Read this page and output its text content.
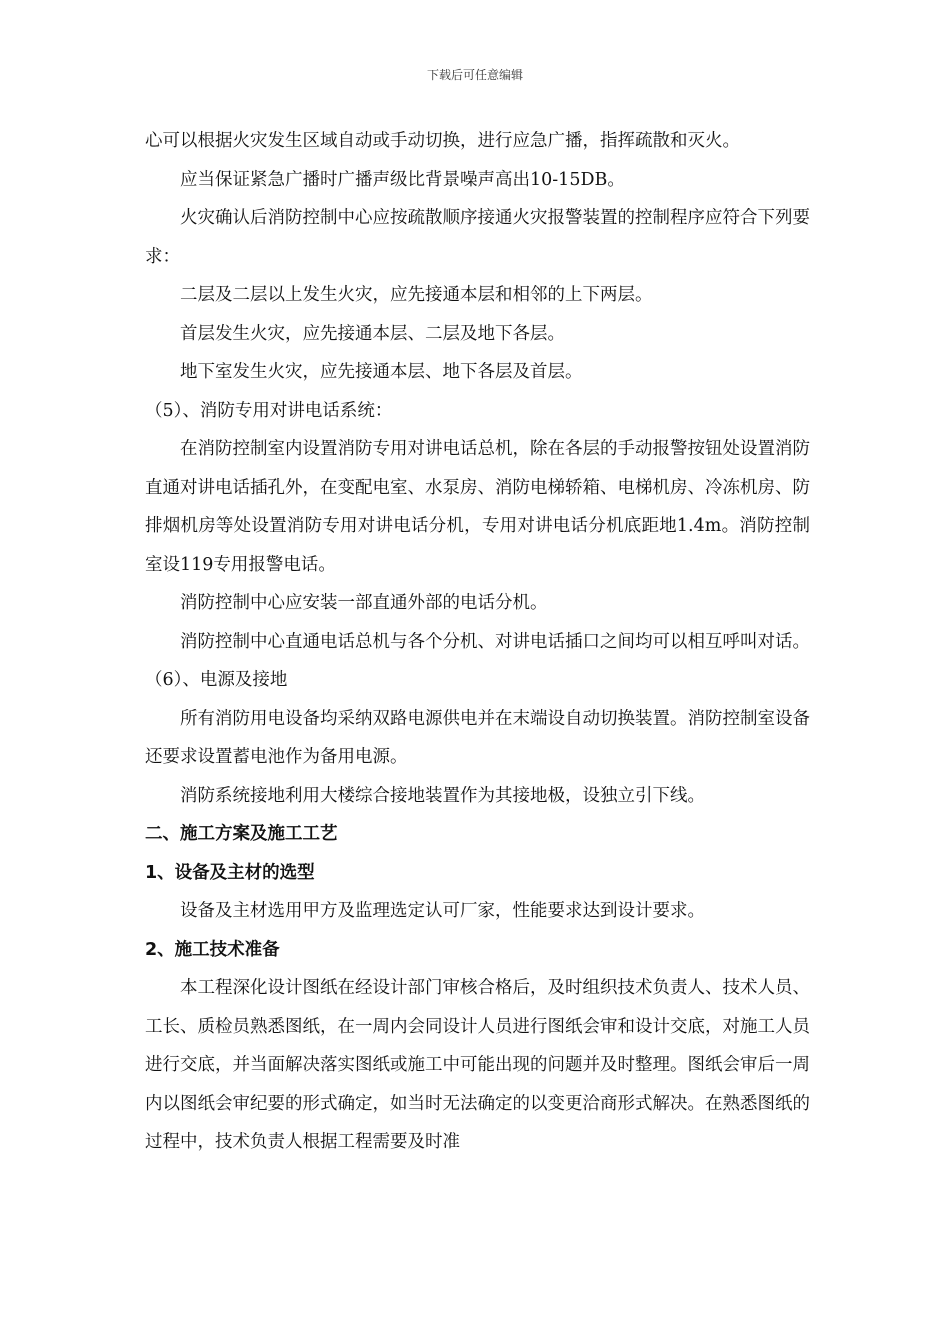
下载后可任意编辑

心可以根据火灾发生区域自动或手动切换，进行应急广播，指挥疏散和灭火。

应当保证紧急广播时广播声级比背景噪声高出10-15DB。

火灾确认后消防控制中心应按疏散顺序接通火灾报警装置的控制程序应符合下列要求：

二层及二层以上发生火灾，应先接通本层和相邻的上下两层。

首层发生火灾，应先接通本层、二层及地下各层。

地下室发生火灾，应先接通本层、地下各层及首层。

（5）、消防专用对讲电话系统：

在消防控制室内设置消防专用对讲电话总机，除在各层的手动报警按钮处设置消防直通对讲电话插孔外，在变配电室、水泵房、消防电梯轿箱、电梯机房、冷冻机房、防排烟机房等处设置消防专用对讲电话分机，专用对讲电话分机底距地1.4m。消防控制室设119专用报警电话。

消防控制中心应安装一部直通外部的电话分机。

消防控制中心直通电话总机与各个分机、对讲电话插口之间均可以相互呼叫对话。

（6）、电源及接地

所有消防用电设备均采纳双路电源供电并在末端设自动切换装置。消防控制室设备还要求设置蓄电池作为备用电源。

消防系统接地利用大楼综合接地装置作为其接地极，设独立引下线。

二、施工方案及施工工艺

1、设备及主材的选型

设备及主材选用甲方及监理选定认可厂家，性能要求达到设计要求。

2、施工技术准备

本工程深化设计图纸在经设计部门审核合格后，及时组织技术负责人、技术人员、工长、质检员熟悉图纸，在一周内会同设计人员进行图纸会审和设计交底，对施工人员进行交底，并当面解决落实图纸或施工中可能出现的问题并及时整理。图纸会审后一周内以图纸会审纪要的形式确定，如当时无法确定的以变更洽商形式解决。在熟悉图纸的过程中，技术负责人根据工程需要及时准
